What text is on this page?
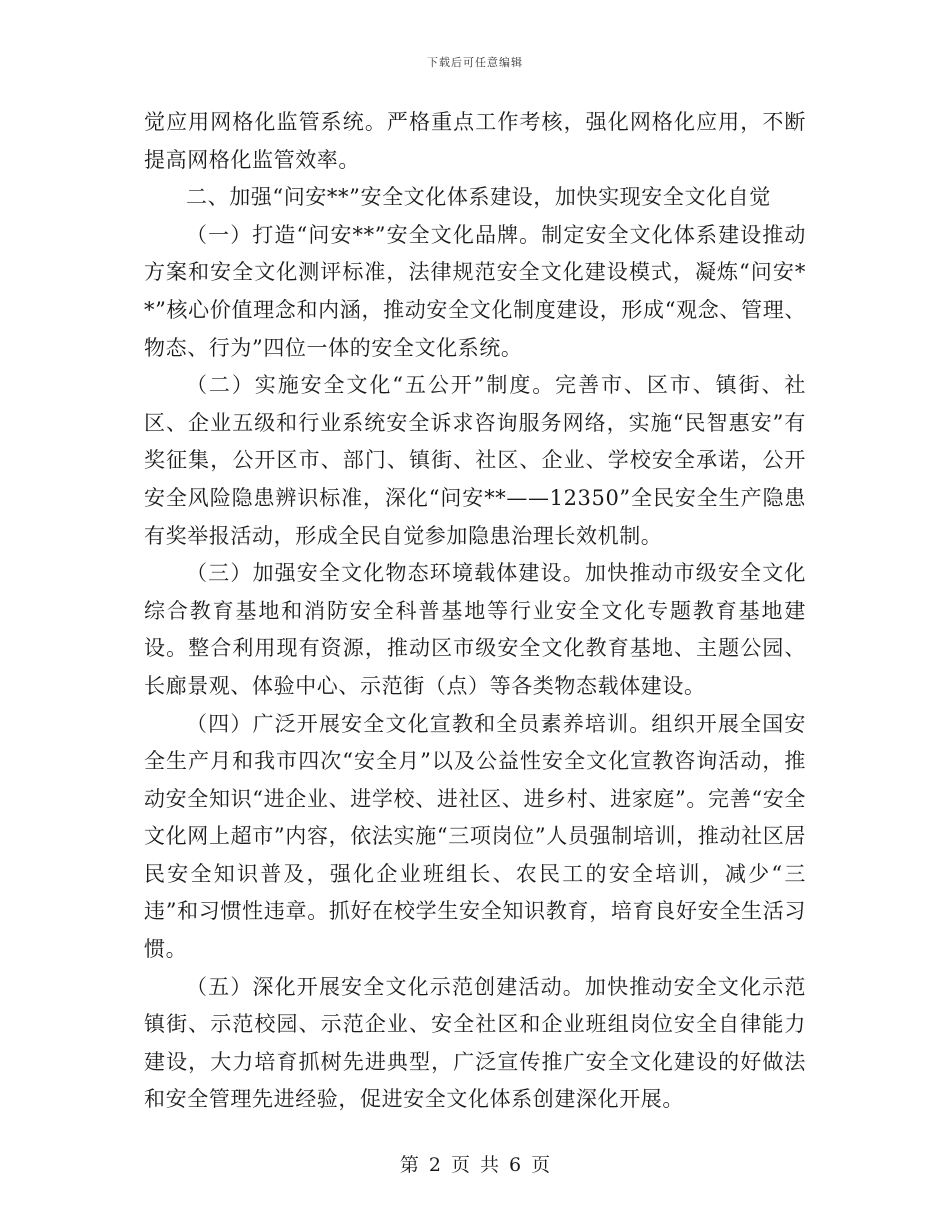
下载后可任意编辑

觉应用网格化监管系统。严格重点工作考核，强化网格化应用，不断提高网格化监管效率。

二、加强“问安**”安全文化体系建设，加快实现安全文化自觉

（一）打造“问安**”安全文化品牌。制定安全文化体系建设推动方案和安全文化测评标准，法律规范安全文化建设模式，凝炼“问安**”核心价值理念和内涵，推动安全文化制度建设，形成“观念、管理、物态、行为”四位一体的安全文化系统。

（二）实施安全文化“五公开”制度。完善市、区市、镇街、社区、企业五级和行业系统安全诉求咨询服务网络，实施“民智惠安”有奖征集，公开区市、部门、镇街、社区、企业、学校安全承诺，公开安全风险隐患辨识标准，深化“问安**——12350”全民安全生产隐患有奖举报活动，形成全民自觉参加隐患治理长效机制。

（三）加强安全文化物态环境载体建设。加快推动市级安全文化综合教育基地和消防安全科普基地等行业安全文化专题教育基地建设。整合利用现有资源，推动区市级安全文化教育基地、主题公园、长廊景观、体验中心、示范街（点）等各类物态载体建设。

（四）广泛开展安全文化宣教和全员素养培训。组织开展全国安全生产月和我市四次“安全月”以及公益性安全文化宣教咨询活动，推动安全知识“进企业、进学校、进社区、进乡村、进家庭”。完善“安全文化网上超市”内容，依法实施“三项岗位”人员强制培训，推动社区居民安全知识普及，强化企业班组长、农民工的安全培训，减少“三违”和习惯性违章。抓好在校学生安全知识教育，培育良好安全生活习惯。

（五）深化开展安全文化示范创建活动。加快推动安全文化示范镇街、示范校园、示范企业、安全社区和企业班组岗位安全自律能力建设，大力培育抓树先进典型，广泛宣传推广安全文化建设的好做法和安全管理先进经验，促进安全文化体系创建深化开展。

第 2 页 共 6 页
